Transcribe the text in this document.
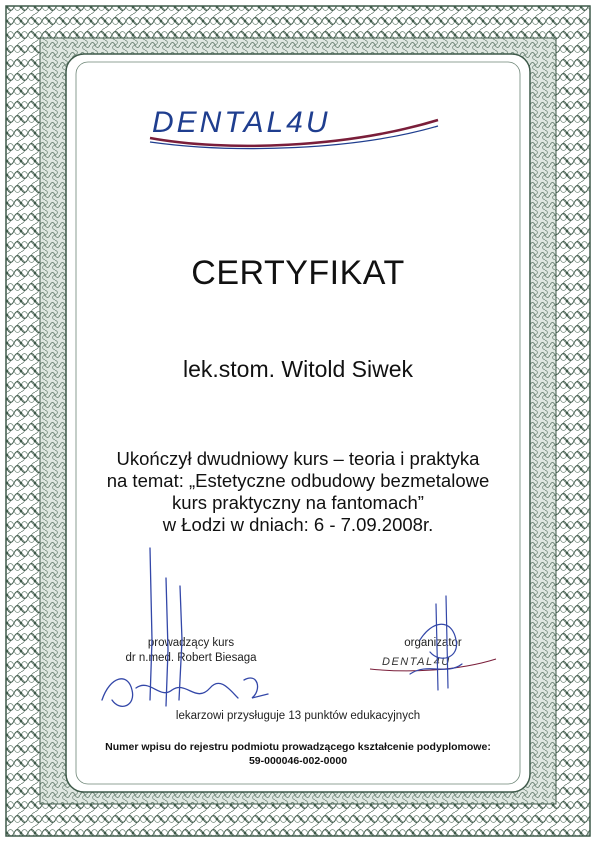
DENTAL4U
CERTYFIKAT
lek.stom. Witold Siwek
Ukończył dwudniowy kurs – teoria i praktyka
na temat: „Estetyczne odbudowy bezmetalowe
kurs praktyczny na fantomach”
w Łodzi w dniach: 6 - 7.09.2008r.
prowadzący kurs
dr n.med. Robert Biesaga
organizator
DENTAL4U
lekarzowi przysługuje 13 punktów edukacyjnych
Numer wpisu do rejestru podmiotu prowadzącego kształcenie podyplomowe:
59-000046-002-0000
